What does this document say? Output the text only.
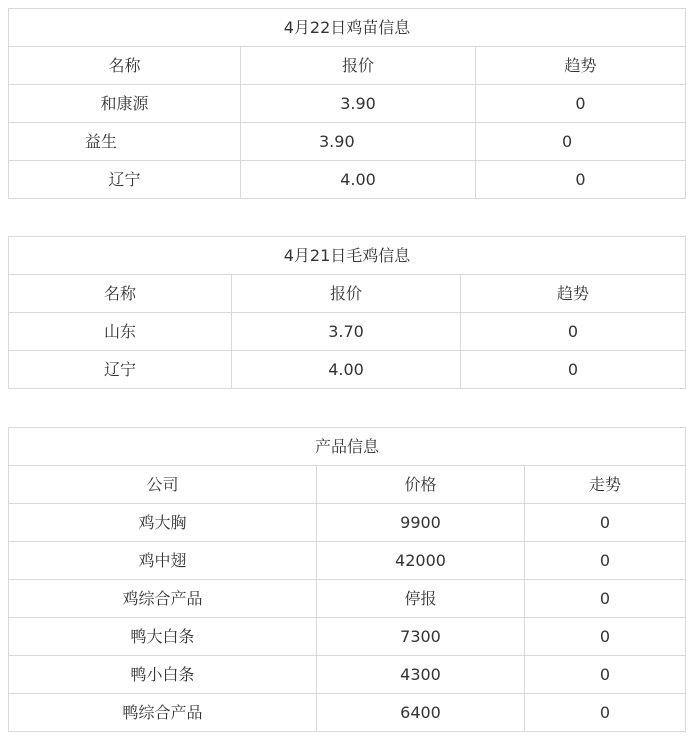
4月22日鸡苗信息		
名称	报价	趋势
和康源	3.90	0
益生	3.90	0
辽宁	4.00	0
4月21日毛鸡信息		
名称	报价	趋势
山东	3.70	0
辽宁	4.00	0
产品信息		
公司	价格	走势
鸡大胸	9900	0
鸡中翅	42000	0
鸡综合产品	停报	0
鸭大白条	7300	0
鸭小白条	4300	0
鸭综合产品	6400	0
